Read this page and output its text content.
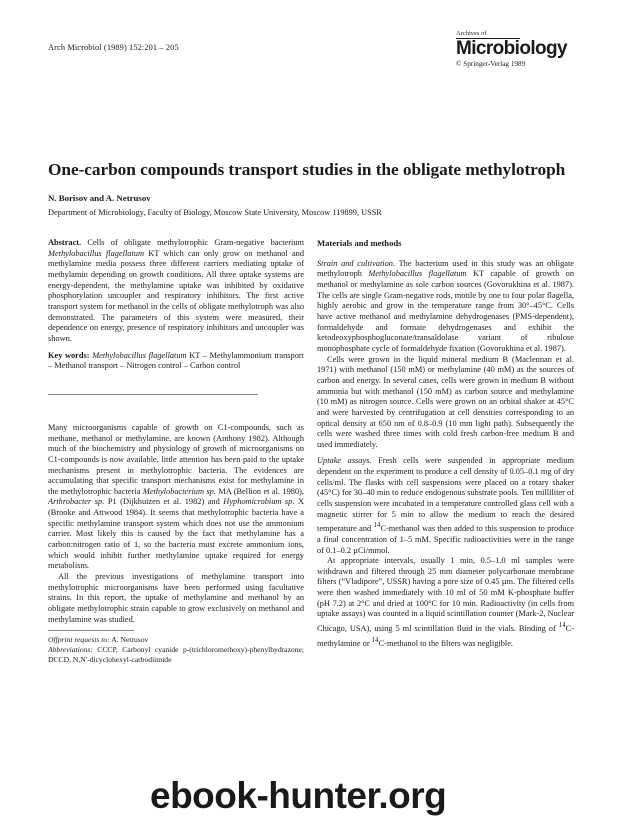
Arch Microbiol (1989) 152:201 – 205
Archives of
Microbiology
© Springer-Verlag 1989
One-carbon compounds transport studies in the obligate methylotroph
N. Borisov and A. Netrusov
Department of Microbiology, Faculty of Biology, Moscow State University, Moscow 119899, USSR

Abstract. Cells of obligate methylotrophic Gram-negative bacterium Methylobacillus flagellatum KT which can only grow on methanol and methylamine media possess three different carriers mediating uptake of methylamin depending on growth conditions. All three uptake systems are energy-dependent, the methylamine uptake was inhibited by oxidative phosphorylation uncoupler and respiratory inhibitors. The first active transport system for methanol in the cells of obligate methylotroph was also demonstrated. The parameters of this system were measured, their dependence on energy, presence of respiratory inhibitors and uncoupler was shown.

Key words: Methylobacillus flagellatum KT – Methylammonium transport – Methanol transport – Nitrogen control – Carbon control

Many microorganisms capable of growth on C1-compounds, such as methane, methanol or methylamine, are known (Anthony 1982). Although much of the biochemistry and physiology of growth of microorganisms on C1-compounds is now available, little attention has been paid to the uptake mechanisms present in methylotrophic bacteria. The evidences are accumulating that specific transport mechanisms exist for methylamine in the methylotrophic bacteria Methylobacterium sp. MA (Bellion et al. 1980), Arthrobacter sp. P1 (Dijkhuizen et al. 1982) and Hyphomicrobium sp. X (Brooke and Attwood 1984). It seems that methylotrophic bacteria have a specific methylamine transport system which does not use the ammonium carrier. Most likely this is caused by the fact that methylamine has a carbon:nitrogen ratio of 1, so the bacteria must excrete ammonium ions, which would inhibit further methylamine uptake required for energy metabolism.

All the previous investigations of methylamine transport into methylotrophic microorganisms have been performed using facultative strains. In this report, the uptake of methylamine and methanol by an obligate methylotrophic strain capable to grow exclusively on methanol and methylamine was studied.

Offprint requests to: A. Netrusov

Abbreviations: CCCP, Carbonyl cyanide p-(trichloromethoxy)-phenylhydrazone; DCCD, N,N'-dicyclohexyl-carbodiimide

Materials and methods

Strain and cultivation. The bacterium used in this study was an obligate methylotroph Methylobacillus flagellatum KT capable of growth on methanol or methylamine as sole carbon sources (Govorukhina et al. 1987). The cells are single Gram-negative rods, motile by one to four polar flagella, highly aerobic and grow in the temperature range from 30°–45°C. Cells have active methanol and methylamine dehydrogenases (PMS-dependent), formaldehyde and formate dehydrogenases and exhibit the ketodeoxyphosphogluconate/transaldolase variant of ribulose monophosphate cycle of formaldehyde fixation (Govorukhina et al. 1987).

Cells were grown in the liquid mineral medium B (Maclennan et al. 1971) with methanol (150 mM) or methylamine (40 mM) as the sources of carbon and energy. In several cases, cells were grown in medium B without ammonia but with methanol (150 mM) as carbon source and methylamine (10 mM) as nitrogen source. Cells were grown on an orbital shaker at 45°C and were harvested by centrifugation at cell densities corresponding to an optical density at 650 nm of 0.8–0.9 (10 mm light path). Subsequently the cells were washed three times with cold fresh carbon-free medium B and used immediately.

Uptake assays. Fresh cells were suspended in appropriate medium dependent on the experiment to produce a cell density of 0.05–0.1 mg of dry cells/ml. The flasks with cell suspensions were placed on a rotary shaker (45°C) for 30–40 min to reduce endogenous substrate pools. Ten milliliter of cells suspension were incubated in a temperature controlled glass cell with a magnetic stirrer for 5 min to allow the medium to reach the desired temperature and $^{14}$C-methanol was then added to this suspension to produce a final concentration of 1–5 mM. Specific radioactivities were in the range of 0.1–0.2 µCi/mmol.

At appropriate intervals, usually 1 min, 0.5–1.0 ml samples were withdrawn and filtered through 25 mm diameter polycarbonate membrane filters (“Vladipore”, USSR) having a pore size of 0.45 µm. The filtered cells were then washed immediately with 10 ml of 50 mM K-phosphate buffer (pH 7.2) at 2°C and dried at 100°C for 10 min. Radioactivity (in cells from uptake assays) was counted in a liquid scintillation counter (Mark-2, Nuclear Chicago, USA), using 5 ml scintillation fluid in the vials. Binding of $^{14}$C-methylamine or $^{14}$C-methanol to the filters was negligible.

ebook-hunter.org
